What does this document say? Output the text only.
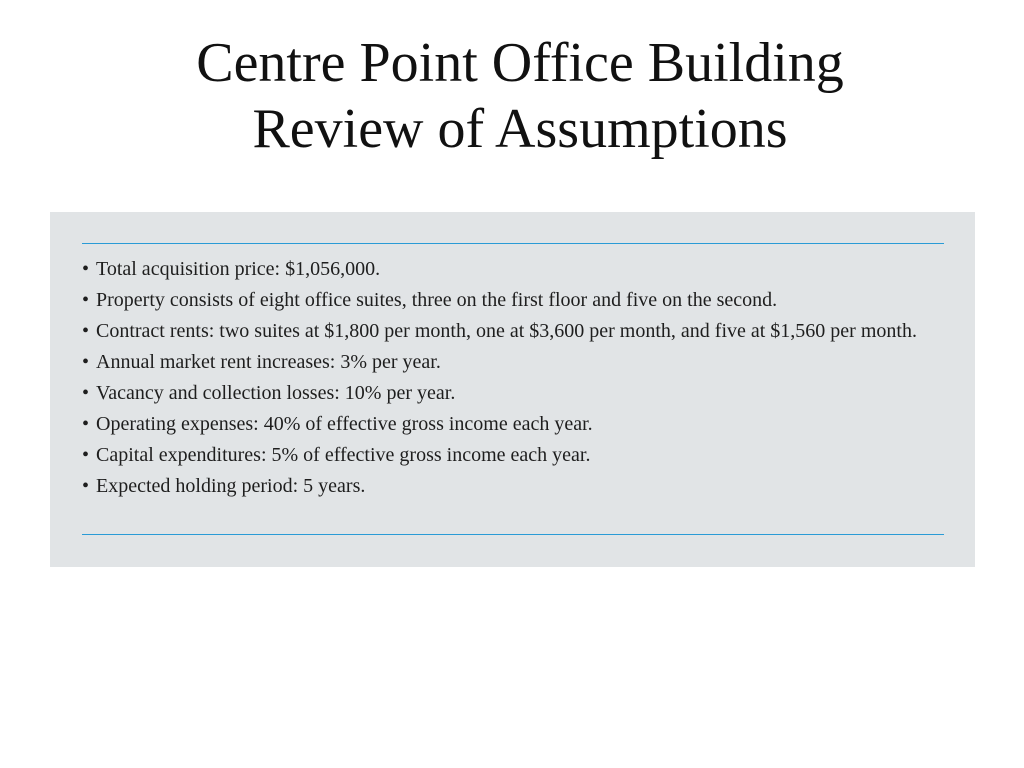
Centre Point Office Building
Review of Assumptions
• Total acquisition price: $1,056,000.
• Property consists of eight office suites, three on the first floor and five on the second.
• Contract rents: two suites at $1,800 per month, one at $3,600 per month, and five at $1,560 per month.
• Annual market rent increases: 3% per year.
• Vacancy and collection losses: 10% per year.
• Operating expenses: 40% of effective gross income each year.
• Capital expenditures: 5% of effective gross income each year.
• Expected holding period: 5 years.
